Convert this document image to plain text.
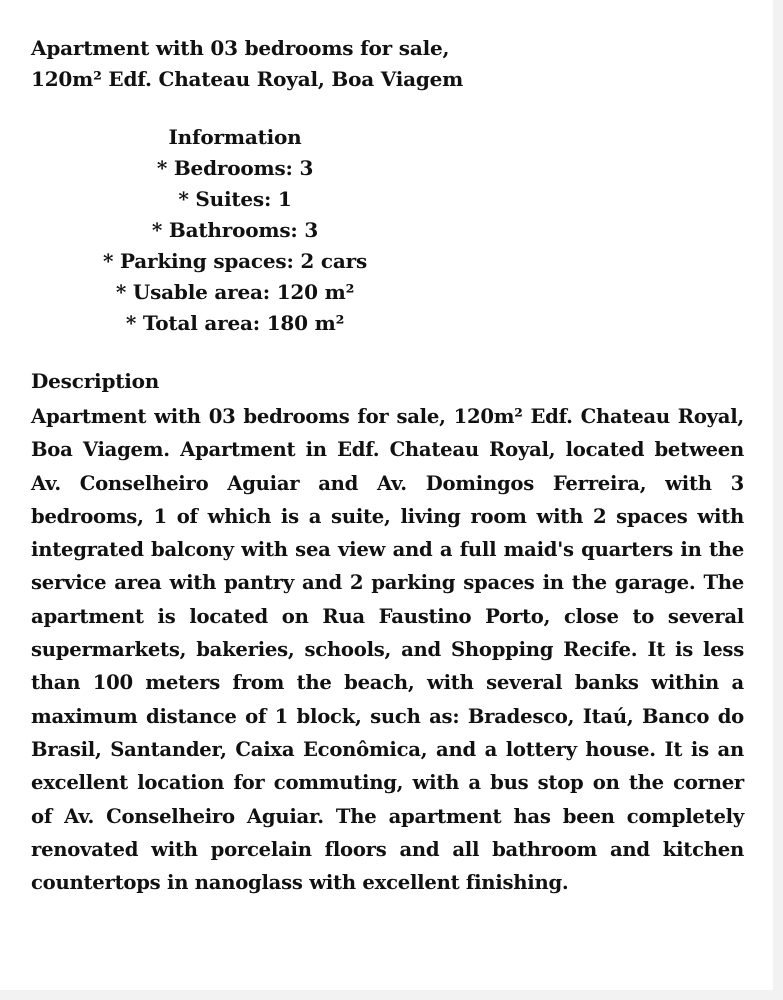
Apartment with 03 bedrooms for sale,
120m² Edf. Chateau Royal, Boa Viagem
Information
* Bedrooms: 3
* Suites: 1
* Bathrooms: 3
* Parking spaces: 2 cars
* Usable area: 120 m²
* Total area: 180 m²
Description

Apartment with 03 bedrooms for sale, 120m² Edf. Chateau Royal, Boa Viagem. Apartment in Edf. Chateau Royal, located between Av. Conselheiro Aguiar and Av. Domingos Ferreira, with 3 bedrooms, 1 of which is a suite, living room with 2 spaces with integrated balcony with sea view and a full maid's quarters in the service area with pantry and 2 parking spaces in the garage. The apartment is located on Rua Faustino Porto, close to several supermarkets, bakeries, schools, and Shopping Recife. It is less than 100 meters from the beach, with several banks within a maximum distance of 1 block, such as: Bradesco, Itaú, Banco do Brasil, Santander, Caixa Econômica, and a lottery house. It is an excellent location for commuting, with a bus stop on the corner of Av. Conselheiro Aguiar. The apartment has been completely renovated with porcelain floors and all bathroom and kitchen countertops in nanoglass with excellent finishing.
